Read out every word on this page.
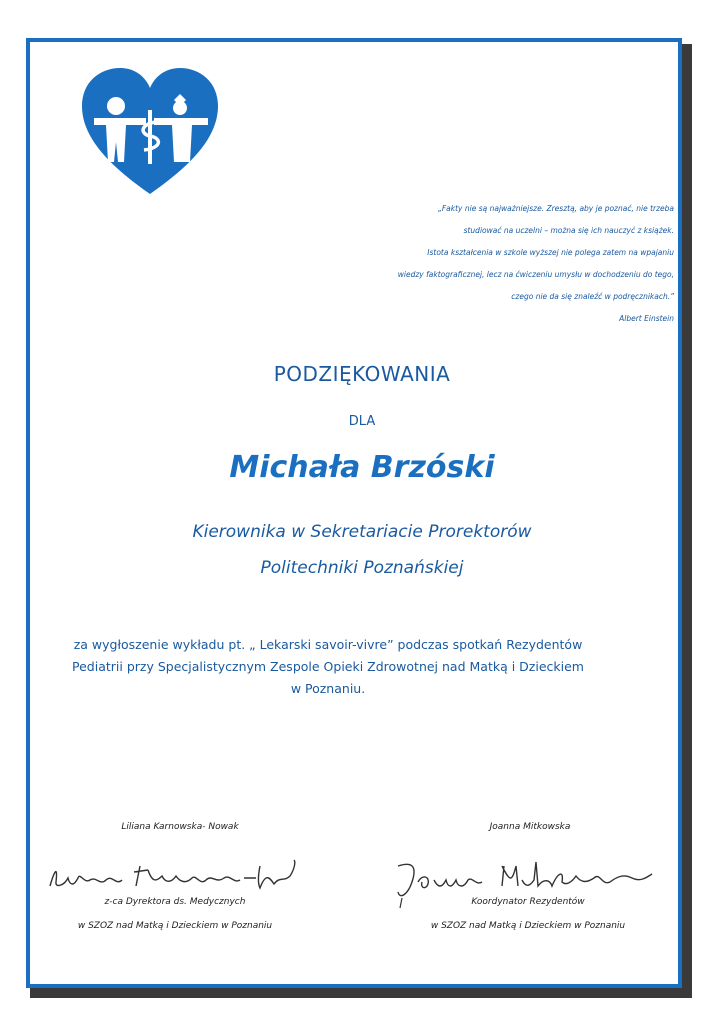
„Fakty nie są najważniejsze. Zresztą, aby je poznać, nie trzeba
studiować na uczelni – można się ich nauczyć z książek.
Istota kształcenia w szkole wyższej nie polega zatem na wpajaniu
wiedzy faktograficznej, lecz na ćwiczeniu umysłu w dochodzeniu do tego,
czego nie da się znaleźć w podręcznikach.”
Albert Einstein
PODZIĘKOWANIA
DLA
Michała Brzóski
Kierownika w Sekretariacie Prorektorów
Politechniki Poznańskiej
za wygłoszenie wykładu pt. „ Lekarski savoir-vivre” podczas spotkań Rezydentów Pediatrii przy Specjalistycznym Zespole Opieki Zdrowotnej nad Matką i Dzieckiem w Poznaniu.
Liliana Karnowska- Nowak
z-ca Dyrektora ds. Medycznych
w SZOZ nad Matką i Dzieckiem w Poznaniu
Joanna Mitkowska
Koordynator Rezydentów
w SZOZ nad Matką i Dzieckiem w Poznaniu
